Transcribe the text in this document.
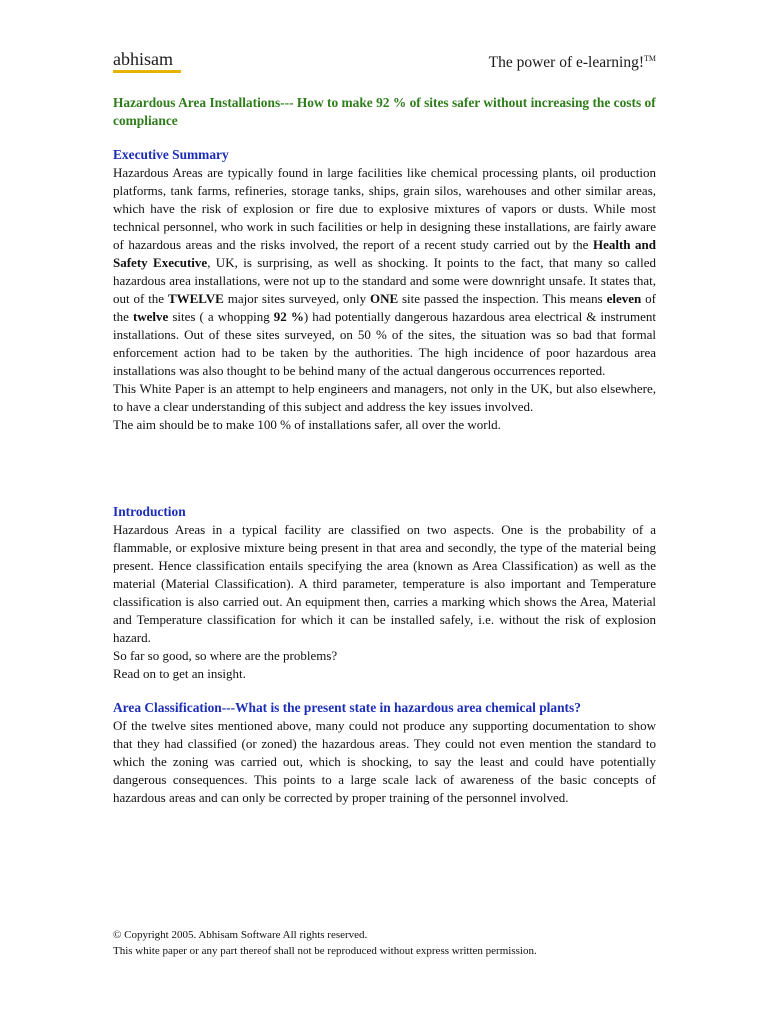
abhisam	The power of e-learning!™

Hazardous Area Installations--- How to make 92 % of sites safer without increasing the costs of compliance

Executive Summary

Hazardous Areas are typically found in large facilities like chemical processing plants, oil production platforms, tank farms, refineries, storage tanks, ships, grain silos, warehouses and other similar areas, which have the risk of explosion or fire due to explosive mixtures of vapors or dusts. While most technical personnel, who work in such facilities or help in designing these installations, are fairly aware of hazardous areas and the risks involved, the report of a recent study carried out by the Health and Safety Executive, UK, is surprising, as well as shocking. It points to the fact, that many so called hazardous area installations, were not up to the standard and some were downright unsafe. It states that, out of the TWELVE major sites surveyed, only ONE site passed the inspection. This means eleven of the twelve sites ( a whopping 92 %) had potentially dangerous hazardous area electrical & instrument installations. Out of these sites surveyed, on 50 % of the sites, the situation was so bad that formal enforcement action had to be taken by the authorities. The high incidence of poor hazardous area installations was also thought to be behind many of the actual dangerous occurrences reported.

This White Paper is an attempt to help engineers and managers, not only in the UK, but also elsewhere, to have a clear understanding of this subject and address the key issues involved.

The aim should be to make 100 % of installations safer, all over the world.

Introduction

Hazardous Areas in a typical facility are classified on two aspects. One is the probability of a flammable, or explosive mixture being present in that area and secondly, the type of the material being present. Hence classification entails specifying the area (known as Area Classification) as well as the material (Material Classification). A third parameter, temperature is also important and Temperature classification is also carried out. An equipment then, carries a marking which shows the Area, Material and Temperature classification for which it can be installed safely, i.e. without the risk of explosion hazard.

So far so good, so where are the problems?

Read on to get an insight.

Area Classification---What is the present state in hazardous area chemical plants?

Of the twelve sites mentioned above, many could not produce any supporting documentation to show that they had classified (or zoned) the hazardous areas. They could not even mention the standard to which the zoning was carried out, which is shocking, to say the least and could have potentially dangerous consequences. This points to a large scale lack of awareness of the basic concepts of hazardous areas and can only be corrected by proper training of the personnel involved.

© Copyright 2005. Abhisam Software All rights reserved.

This white paper or any part thereof shall not be reproduced without express written permission.
